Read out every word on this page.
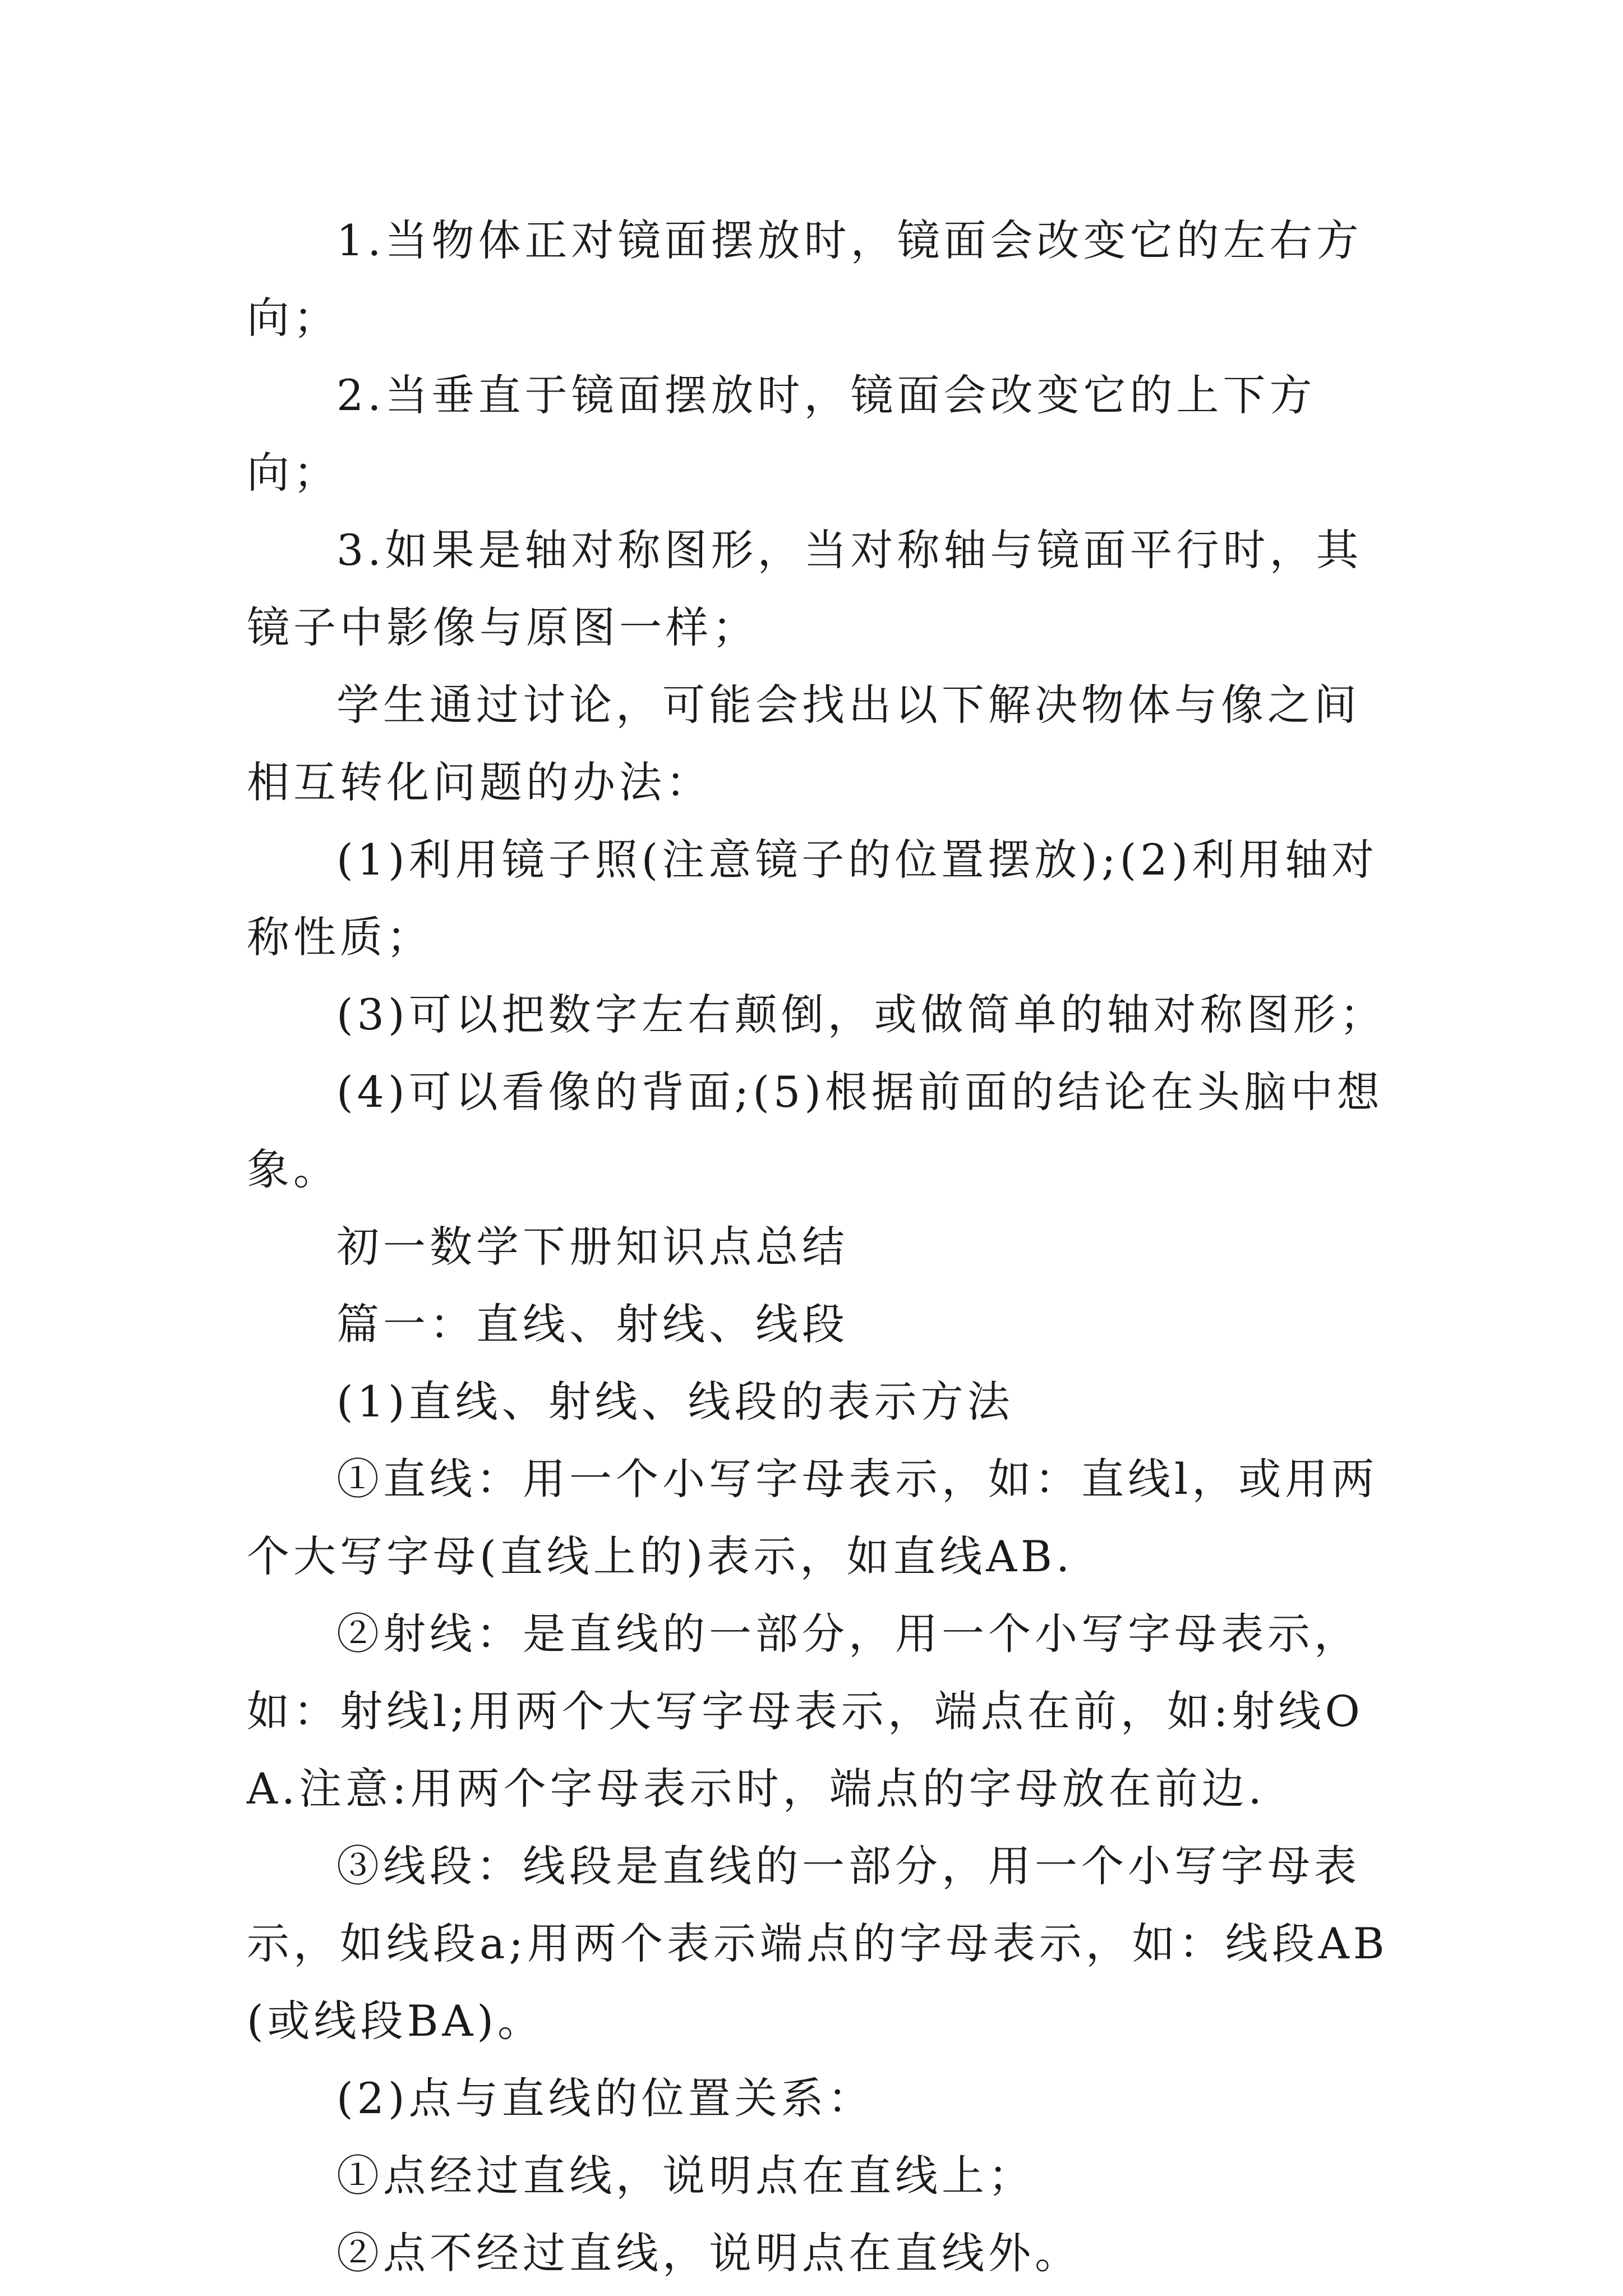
1.当物体正对镜面摆放时，镜面会改变它的左右方向；

2.当垂直于镜面摆放时，镜面会改变它的上下方向；

3.如果是轴对称图形，当对称轴与镜面平行时，其镜子中影像与原图一样；

学生通过讨论，可能会找出以下解决物体与像之间相互转化问题的办法：

(1)利用镜子照(注意镜子的位置摆放);(2)利用轴对称性质；

(3)可以把数字左右颠倒，或做简单的轴对称图形；

(4)可以看像的背面;(5)根据前面的结论在头脑中想象。

初一数学下册知识点总结

篇一：直线、射线、线段

(1)直线、射线、线段的表示方法

①直线：用一个小写字母表示，如：直线l，或用两个大写字母(直线上的)表示，如直线AB.

②射线：是直线的一部分，用一个小写字母表示，如：射线l;用两个大写字母表示，端点在前，如:射线OA.注意:用两个字母表示时，端点的字母放在前边.

③线段：线段是直线的一部分，用一个小写字母表示，如线段a;用两个表示端点的字母表示，如：线段AB(或线段BA)。

(2)点与直线的位置关系：

①点经过直线，说明点在直线上；

②点不经过直线，说明点在直线外。
